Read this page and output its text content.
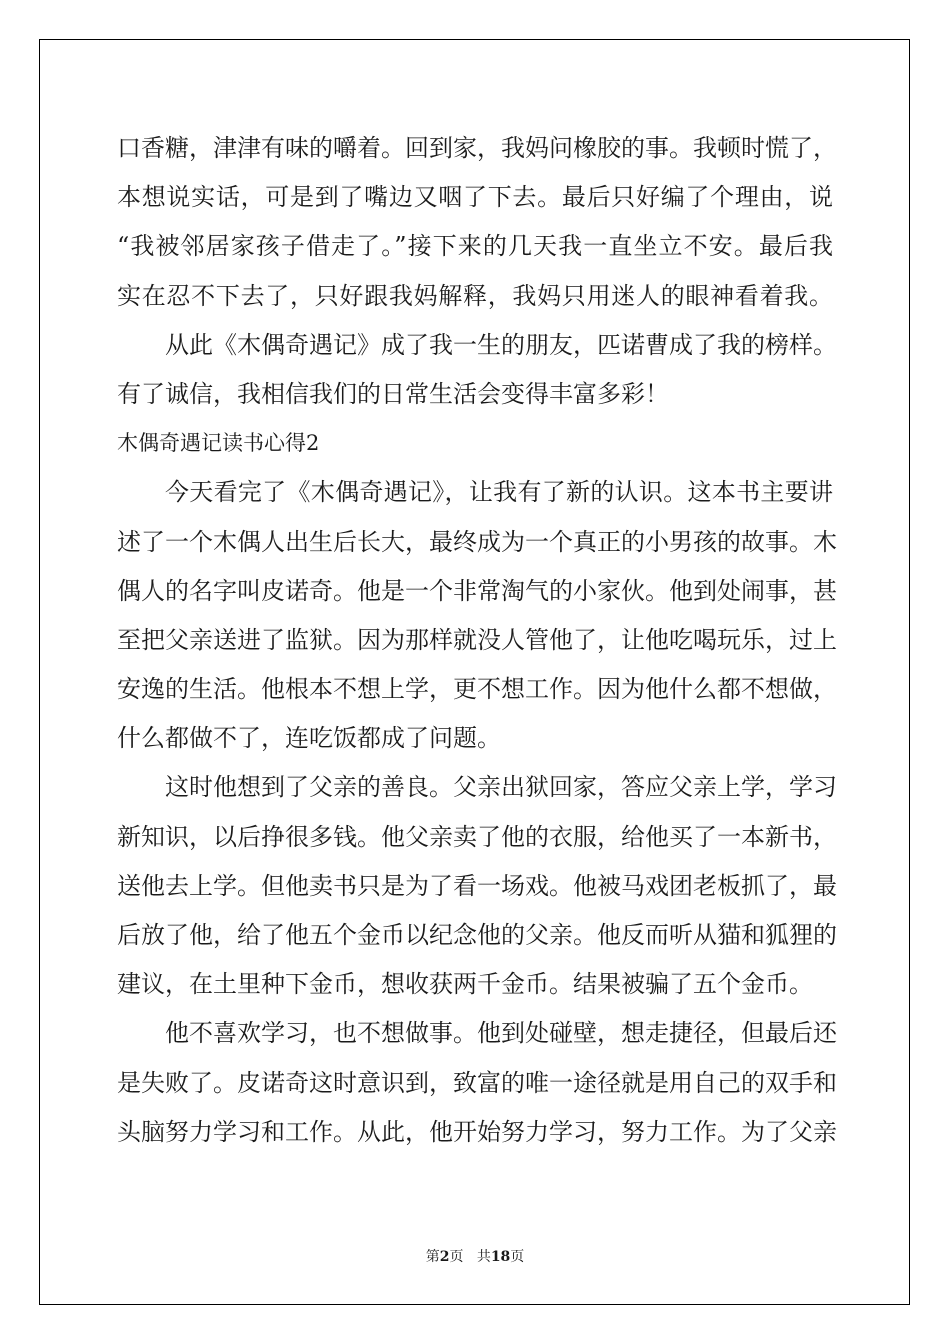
口香糖，津津有味的嚼着。回到家，我妈问橡胶的事。我顿时慌了，
本想说实话，可是到了嘴边又咽了下去。最后只好编了个理由，说
“我被邻居家孩子借走了。”接下来的几天我一直坐立不安。最后我
实在忍不下去了，只好跟我妈解释，我妈只用迷人的眼神看着我。
从此《木偶奇遇记》成了我一生的朋友，匹诺曹成了我的榜样。
有了诚信，我相信我们的日常生活会变得丰富多彩！
木偶奇遇记读书心得2
今天看完了《木偶奇遇记》，让我有了新的认识。这本书主要讲
述了一个木偶人出生后长大，最终成为一个真正的小男孩的故事。木
偶人的名字叫皮诺奇。他是一个非常淘气的小家伙。他到处闹事，甚
至把父亲送进了监狱。因为那样就没人管他了，让他吃喝玩乐，过上
安逸的生活。他根本不想上学，更不想工作。因为他什么都不想做，
什么都做不了，连吃饭都成了问题。
这时他想到了父亲的善良。父亲出狱回家，答应父亲上学，学习
新知识，以后挣很多钱。他父亲卖了他的衣服，给他买了一本新书，
送他去上学。但他卖书只是为了看一场戏。他被马戏团老板抓了，最
后放了他，给了他五个金币以纪念他的父亲。他反而听从猫和狐狸的
建议，在土里种下金币，想收获两千金币。结果被骗了五个金币。
他不喜欢学习，也不想做事。他到处碰壁，想走捷径，但最后还
是失败了。皮诺奇这时意识到，致富的唯一途径就是用自己的双手和
头脑努力学习和工作。从此，他开始努力学习，努力工作。为了父亲
第2页 共18页
